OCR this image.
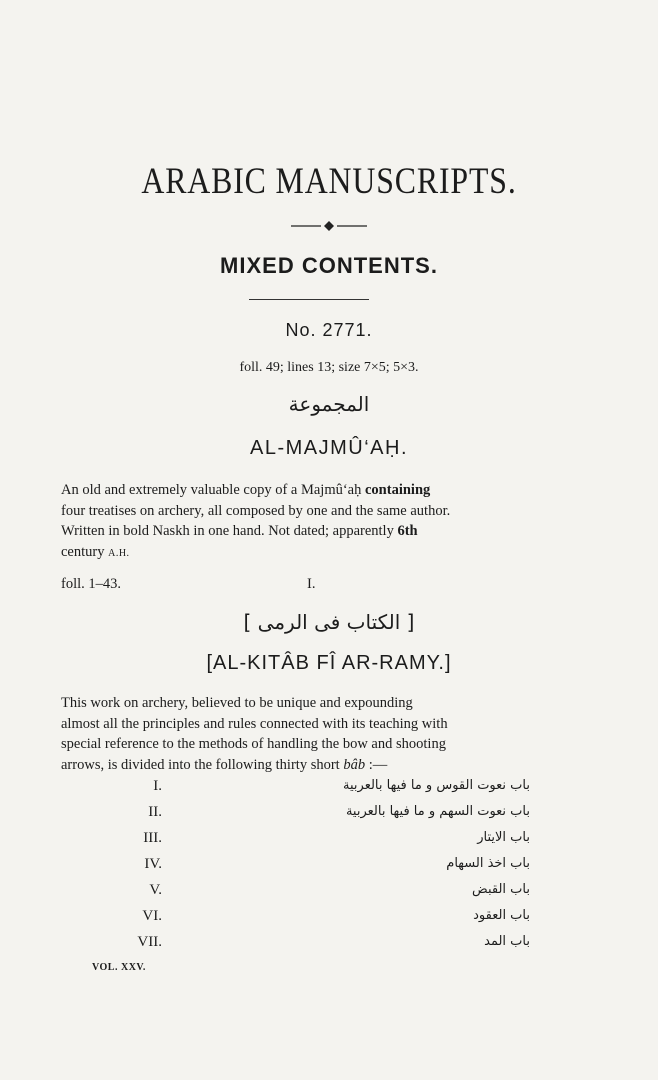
ARABIC MANUSCRIPTS.
MIXED CONTENTS.
No. 2771.
foll. 49; lines 13; size 7×5; 5×3.
المجموعة
AL-MAJMÛ‘AḤ.
An old and extremely valuable copy of a Majmû‘aḥ containing
four treatises on archery, all composed by one and the same author.
Written in bold Naskh in one hand. Not dated; apparently 6th
century A.H.
foll. 1–43.	I.
[ الكتاب فى الرمى ]
[AL-KITÂB FÎ AR-RAMY.]
This work on archery, believed to be unique and expounding
almost all the principles and rules connected with its teaching with
special reference to the methods of handling the bow and shooting
arrows, is divided into the following thirty short bâb :—
I.	باب نعوت القوس و ما فيها بالعربية
II.	باب نعوت السهم و ما فيها بالعربية
III.	باب الايتار
IV.	باب اخذ السهام
V.	باب القبض
VI.	باب العقود
VII.	باب المد
VOL. XXV.
